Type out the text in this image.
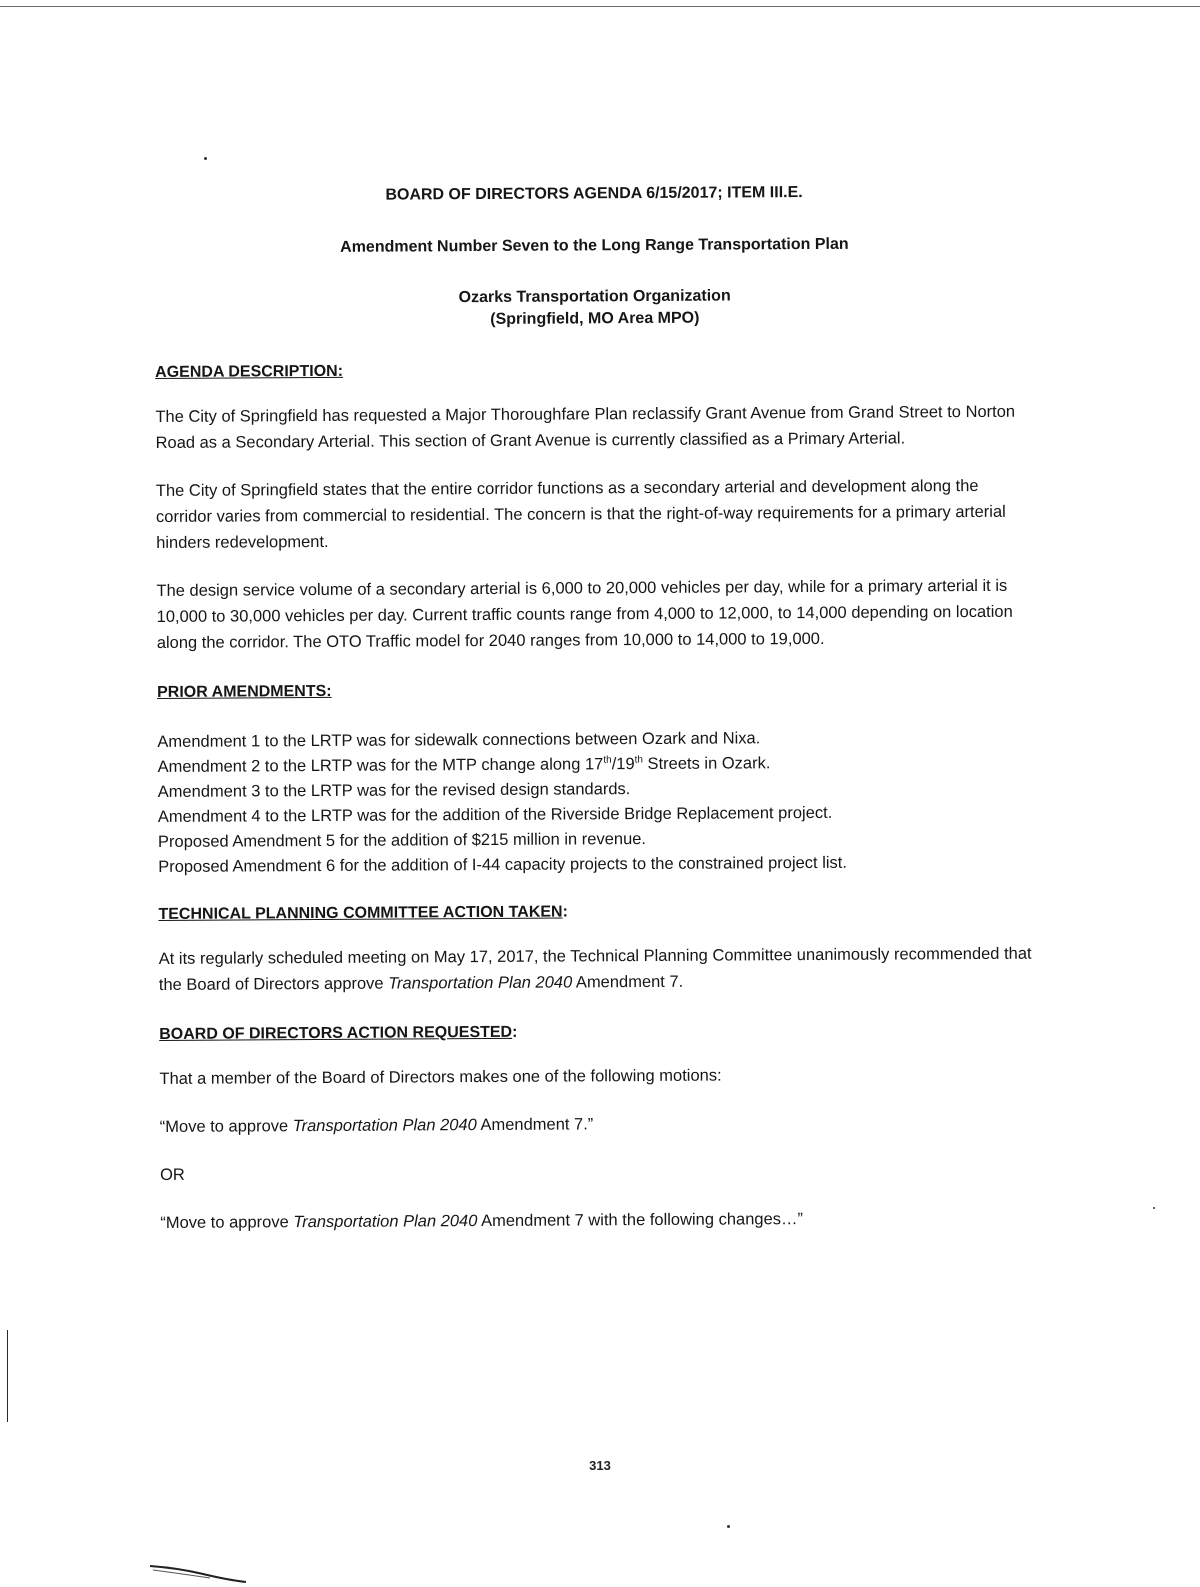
BOARD OF DIRECTORS AGENDA 6/15/2017; ITEM III.E.

Amendment Number Seven to the Long Range Transportation Plan

Ozarks Transportation Organization

(Springfield, MO Area MPO)

AGENDA DESCRIPTION:

The City of Springfield has requested a Major Thoroughfare Plan reclassify Grant Avenue from Grand Street to Norton Road as a Secondary Arterial. This section of Grant Avenue is currently classified as a Primary Arterial.

The City of Springfield states that the entire corridor functions as a secondary arterial and development along the corridor varies from commercial to residential. The concern is that the right-of-way requirements for a primary arterial hinders redevelopment.

The design service volume of a secondary arterial is 6,000 to 20,000 vehicles per day, while for a primary arterial it is 10,000 to 30,000 vehicles per day. Current traffic counts range from 4,000 to 12,000, to 14,000 depending on location along the corridor. The OTO Traffic model for 2040 ranges from 10,000 to 14,000 to 19,000.

PRIOR AMENDMENTS:

Amendment 1 to the LRTP was for sidewalk connections between Ozark and Nixa.
Amendment 2 to the LRTP was for the MTP change along 17th/19th Streets in Ozark.
Amendment 3 to the LRTP was for the revised design standards.
Amendment 4 to the LRTP was for the addition of the Riverside Bridge Replacement project.
Proposed Amendment 5 for the addition of $215 million in revenue.
Proposed Amendment 6 for the addition of I-44 capacity projects to the constrained project list.

TECHNICAL PLANNING COMMITTEE ACTION TAKEN:

At its regularly scheduled meeting on May 17, 2017, the Technical Planning Committee unanimously recommended that the Board of Directors approve Transportation Plan 2040 Amendment 7.

BOARD OF DIRECTORS ACTION REQUESTED:

That a member of the Board of Directors makes one of the following motions:

“Move to approve Transportation Plan 2040 Amendment 7.”

OR

“Move to approve Transportation Plan 2040 Amendment 7 with the following changes…”

313
